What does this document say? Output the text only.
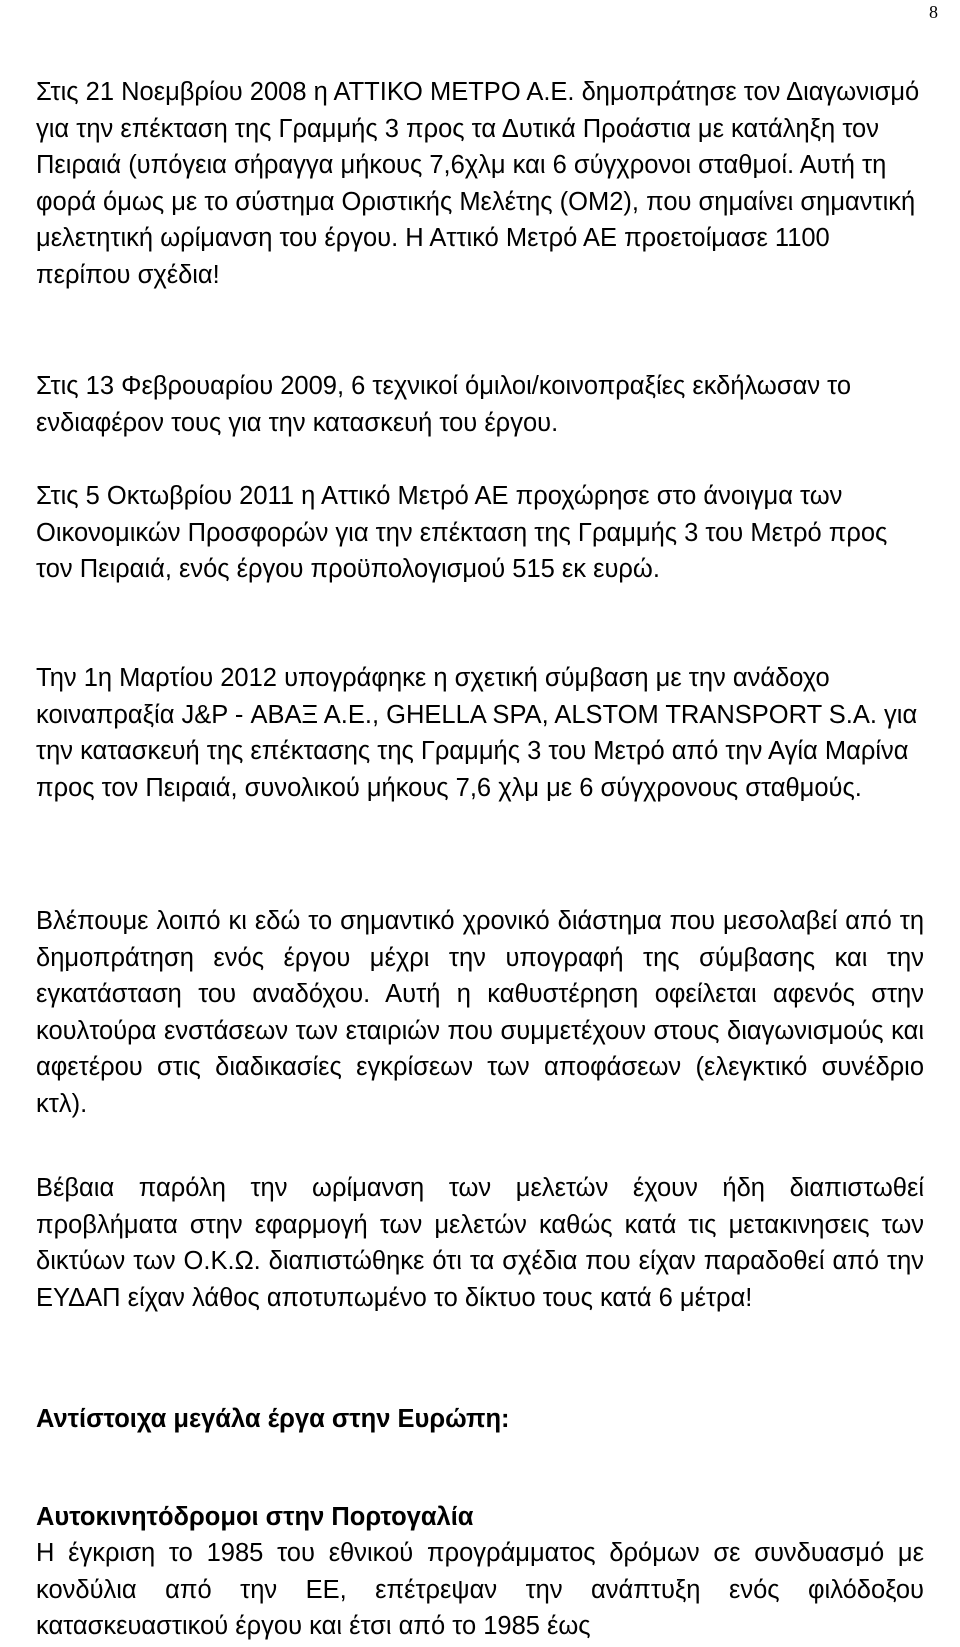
8

Στις 21 Νοεμβρίου 2008 η ΑΤΤΙΚΟ ΜΕΤΡΟ Α.Ε. δημοπράτησε τον Διαγωνισμό για την επέκταση της Γραμμής 3 προς τα Δυτικά Προάστια με κατάληξη τον Πειραιά (υπόγεια σήραγγα μήκους 7,6χλμ και 6 σύγχρονοι σταθμοί. Αυτή τη φορά όμως με το σύστημα Οριστικής Μελέτης (ΟΜ2), που σημαίνει σημαντική μελετητική ωρίμανση του έργου. Η Αττικό Μετρό ΑΕ προετοίμασε 1100 περίπου σχέδια!

Στις 13 Φεβρουαρίου 2009, 6 τεχνικοί όμιλοι/κοινοπραξίες εκδήλωσαν το ενδιαφέρον τους για την κατασκευή του έργου.

Στις 5 Οκτωβρίου 2011 η Αττικό Μετρό ΑΕ προχώρησε στο άνοιγμα των Οικονομικών Προσφορών για την επέκταση της Γραμμής 3 του Μετρό προς τον Πειραιά, ενός έργου προϋπολογισμού 515 εκ ευρώ.

Την 1η Μαρτίου 2012 υπογράφηκε η σχετική σύμβαση με την ανάδοχο κοιναπραξία J&P - ΑΒΑΞ Α.Ε., GHELLA SPA, ALSTOM TRANSPORT S.A. για την κατασκευή της επέκτασης της Γραμμής 3 του Μετρό από την Αγία Μαρίνα προς τον Πειραιά, συνολικού μήκους 7,6 χλμ με 6 σύγχρονους σταθμούς.

Βλέπουμε λοιπό κι εδώ το σημαντικό χρονικό διάστημα που μεσολαβεί από τη δημοπράτηση ενός έργου μέχρι την υπογραφή της σύμβασης και την εγκατάσταση του αναδόχου. Αυτή η καθυστέρηση οφείλεται αφενός στην κουλτούρα ενστάσεων των εταιριών που συμμετέχουν στους διαγωνισμούς και αφετέρου στις διαδικασίες εγκρίσεων των αποφάσεων (ελεγκτικό συνέδριο κτλ).

Βέβαια παρόλη την ωρίμανση των μελετών έχουν ήδη διαπιστωθεί προβλήματα στην εφαρμογή των μελετών καθώς κατά τις μετακινησεις των δικτύων των Ο.Κ.Ω. διαπιστώθηκε ότι τα σχέδια που είχαν παραδοθεί από την ΕΥΔΑΠ είχαν λάθος αποτυπωμένο το δίκτυο τους κατά 6 μέτρα!

Αντίστοιχα μεγάλα έργα στην Ευρώπη:

Αυτοκινητόδρομοι στην Πορτογαλία

Η έγκριση το 1985 του εθνικού προγράμματος δρόμων σε συνδυασμό με κονδύλια από την ΕΕ, επέτρεψαν την ανάπτυξη ενός φιλόδοξου κατασκευαστικού έργου και έτσι από το 1985 έως
